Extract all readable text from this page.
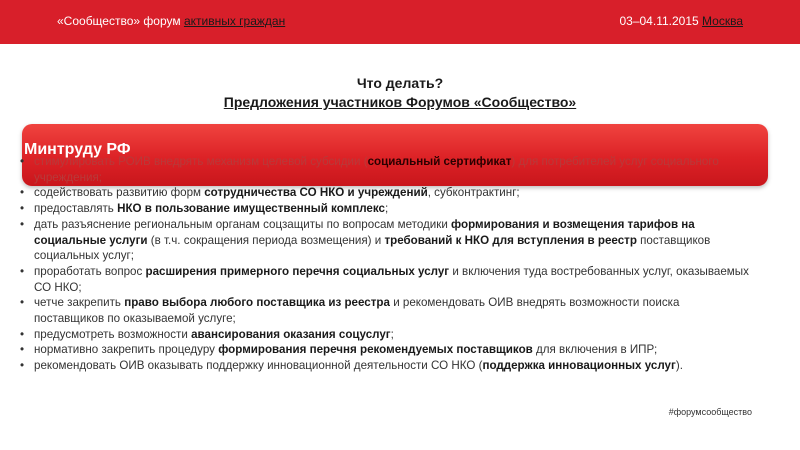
«Сообщество» форум активных граждан	03–04.11.2015 Москва
Что делать?
Предложения участников Форумов «Сообщество»
Минтруду РФ
• стимулировать РОИВ внедрять механизм целевой субсидии (социальный сертификат) для потребителей услуг социального учреждения;
• содействовать развитию форм сотрудничества СО НКО и учреждений, субконтрактинг;
• предоставлять НКО в пользование имущественный комплекс;
• дать разъяснение региональным органам соцзащиты по вопросам методики формирования и возмещения тарифов на социальные услуги (в т.ч. сокращения периода возмещения) и требований к НКО для вступления в реестр поставщиков социальных услуг;
• проработать вопрос расширения примерного перечня социальных услуг и включения туда востребованных услуг, оказываемых СО НКО;
• четче закрепить право выбора любого поставщика из реестра и рекомендовать ОИВ внедрять возможности поиска поставщиков по оказываемой услуге;
• предусмотреть возможности авансирования оказания соцуслуг;
• нормативно закрепить процедуру формирования перечня рекомендуемых поставщиков для включения в ИПР;
• рекомендовать ОИВ оказывать поддержку инновационной деятельности СО НКО (поддержка инновационных услуг).
#форумсообщество
